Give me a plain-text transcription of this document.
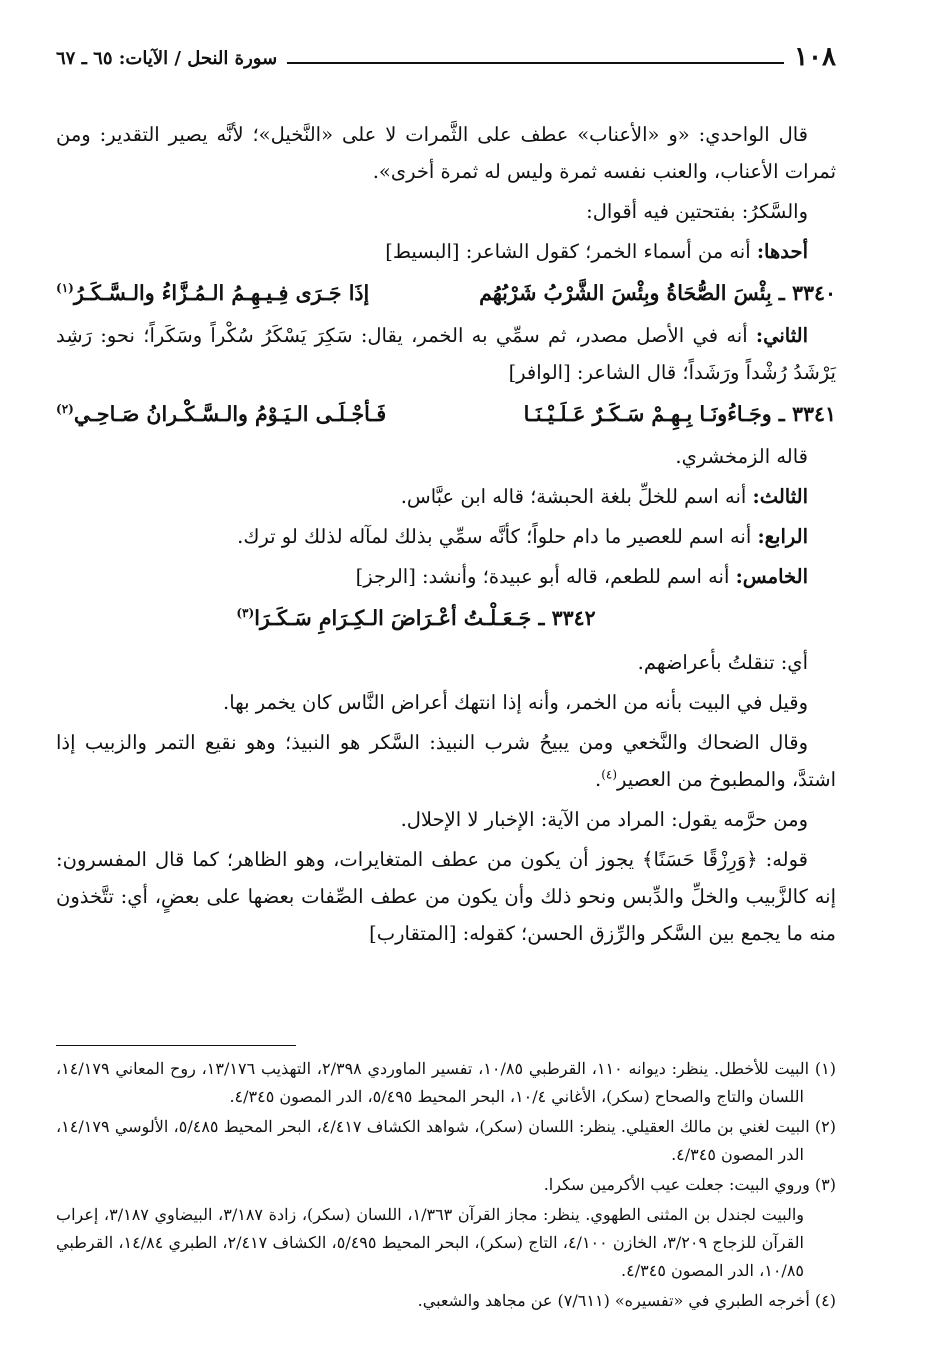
١٠٨
سورة النحل / الآيات: ٦٥ ـ ٦٧

قال الواحدي: «و «الأعناب» عطف على الثَّمرات لا على «النَّخيل»؛ لأنَّه يصير التقدير: ومن ثمرات الأعناب، والعنب نفسه ثمرة وليس له ثمرة أخرى».

والسَّكرُ: بفتحتين فيه أقوال:

أحدها: أنه من أسماء الخمر؛ كقول الشاعر: [البسيط]

٣٣٤٠ ـ بِئْسَ الصُّحَاةُ وبِئْسَ الشَّرْبُ شَرْبُهُم
إذَا جَـرَى فِـيـهِـمُ الـمُـزَّاءُ والـسَّـكَـرُ$^{(١)}$

الثاني: أنه في الأصل مصدر، ثم سمِّي به الخمر، يقال: سَكِرَ يَسْكَرُ سُكْراً وسَكَراً؛ نحو: رَشِد يَرْشَدُ رُشْداً ورَشَداً؛ قال الشاعر: [الوافر]

٣٣٤١ ـ وجَـاءُونَـا بِـهِـمْ سَـكَـرٌ عَـلَـيْـنَـا
فَـأجْـلَـى الـيَـوْمُ والـسَّـكْـرانُ صَـاحِـي$^{(٢)}$

قاله الزمخشري.

الثالث: أنه اسم للخلِّ بلغة الحبشة؛ قاله ابن عبَّاس.

الرابع: أنه اسم للعصير ما دام حلواً؛ كأنَّه سمِّي بذلك لمآله لذلك لو ترك.

الخامس: أنه اسم للطعم، قاله أبو عبيدة؛ وأنشد: [الرجز]

٣٣٤٢ ـ جَـعَـلْـتُ أعْـرَاضَ الـكِـرَامِ سَـكَـرَا$^{(٣)}$

أي: تنقلتُ بأعراضهم.

وقيل في البيت بأنه من الخمر، وأنه إذا انتهك أعراض النَّاس كان يخمر بها.

وقال الضحاك والنَّخعي ومن يبيحُ شرب النبيذ: السَّكر هو النبيذ؛ وهو نقيع التمر والزبيب إذا اشتدَّ، والمطبوخ من العصير$^{(٤)}$.

ومن حرَّمه يقول: المراد من الآية: الإخبار لا الإحلال.

قوله: ﴿وَرِزْقًا حَسَنًا﴾ يجوز أن يكون من عطف المتغايرات، وهو الظاهر؛ كما قال المفسرون: إنه كالزَّبيب والخلِّ والدِّبس ونحو ذلك وأن يكون من عطف الصِّفات بعضها على بعضٍ، أي: تتَّخذون منه ما يجمع بين السَّكر والرِّزق الحسن؛ كقوله: [المتقارب]

(١) البيت للأخطل. ينظر: ديوانه ١١٠، القرطبي ١٠/٨٥، تفسير الماوردي ٢/٣٩٨، التهذيب ١٣/١٧٦، روح المعاني ١٤/١٧٩، اللسان والتاج والصحاح (سكر)، الأغاني ١٠/٤، البحر المحيط ٥/٤٩٥، الدر المصون ٤/٣٤٥.

(٢) البيت لغني بن مالك العقيلي. ينظر: اللسان (سكر)، شواهد الكشاف ٤/٤١٧، البحر المحيط ٥/٤٨٥، الألوسي ١٤/١٧٩، الدر المصون ٤/٣٤٥.

(٣) وروي البيت: جعلت عيب الأكرمين سكرا.

والبيت لجندل بن المثنى الطهوي. ينظر: مجاز القرآن ١/٣٦٣، اللسان (سكر)، زادة ٣/١٨٧، البيضاوي ٣/١٨٧، إعراب القرآن للزجاج ٣/٢٠٩، الخازن ٤/١٠٠، التاج (سكر)، البحر المحيط ٥/٤٩٥، الكشاف ٢/٤١٧، الطبري ١٤/٨٤، القرطبي ١٠/٨٥، الدر المصون ٤/٣٤٥.

(٤) أخرجه الطبري في «تفسيره» (٧/٦١١) عن مجاهد والشعبي.
